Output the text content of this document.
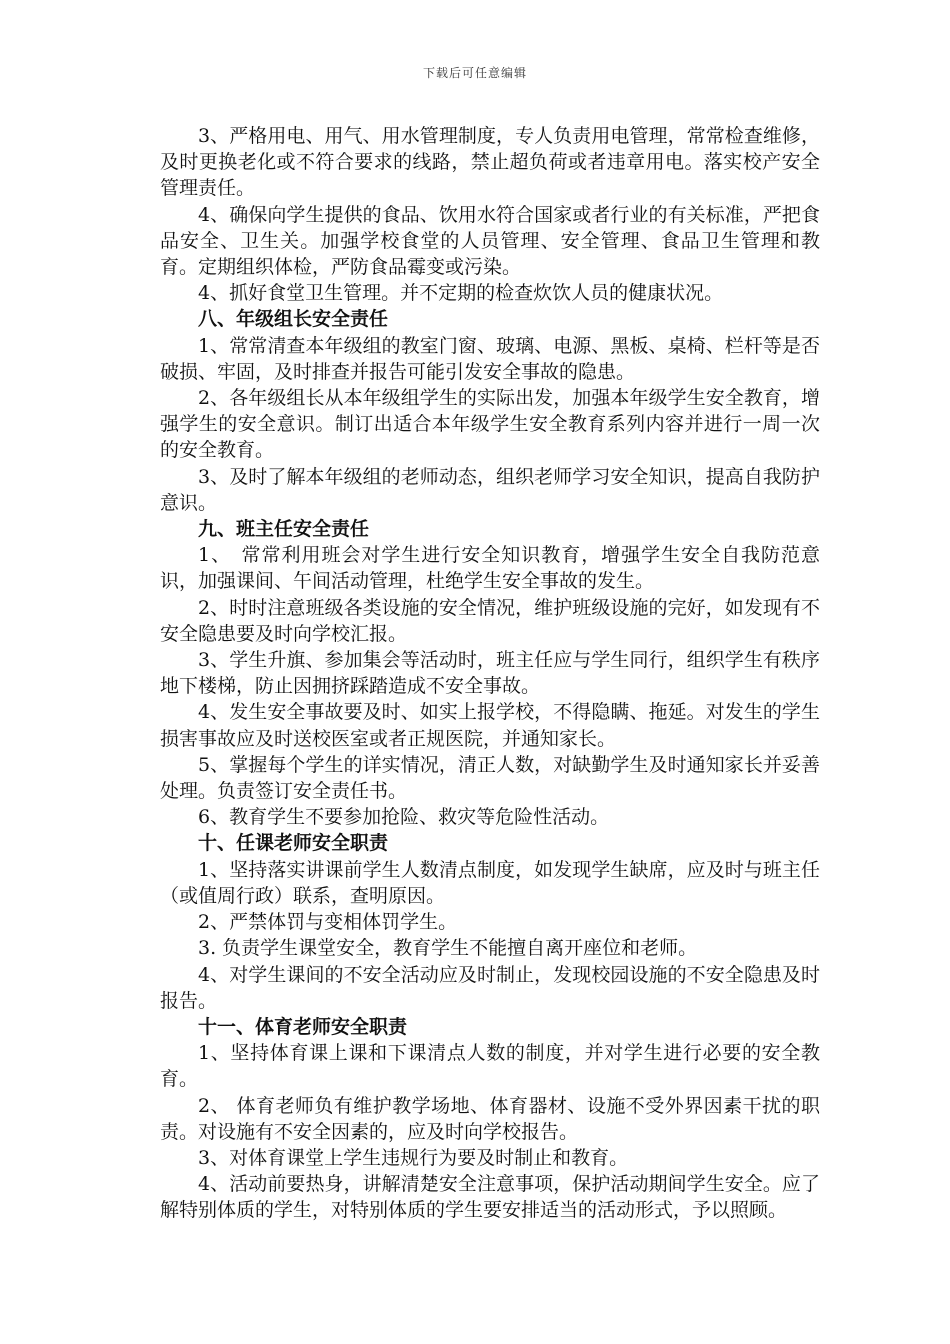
下载后可任意编辑

3、严格用电、用气、用水管理制度，专人负责用电管理，常常检查维修，及时更换老化或不符合要求的线路，禁止超负荷或者违章用电。落实校产安全管理责任。

4、确保向学生提供的食品、饮用水符合国家或者行业的有关标准，严把食品安全、卫生关。加强学校食堂的人员管理、安全管理、食品卫生管理和教育。定期组织体检，严防食品霉变或污染。

4、抓好食堂卫生管理。并不定期的检查炊饮人员的健康状况。

八、年级组长安全责任

1、常常清查本年级组的教室门窗、玻璃、电源、黑板、桌椅、栏杆等是否破损、牢固，及时排查并报告可能引发安全事故的隐患。

2、各年级组长从本年级组学生的实际出发，加强本年级学生安全教育，增强学生的安全意识。制订出适合本年级学生安全教育系列内容并进行一周一次的安全教育。

3、及时了解本年级组的老师动态，组织老师学习安全知识，提高自我防护意识。

九、班主任安全责任

1、　常常利用班会对学生进行安全知识教育，增强学生安全自我防范意识，加强课间、午间活动管理，杜绝学生安全事故的发生。

2、时时注意班级各类设施的安全情况，维护班级设施的完好，如发现有不安全隐患要及时向学校汇报。

3、学生升旗、参加集会等活动时，班主任应与学生同行，组织学生有秩序地下楼梯，防止因拥挤踩踏造成不安全事故。

4、发生安全事故要及时、如实上报学校，不得隐瞒、拖延。对发生的学生损害事故应及时送校医室或者正规医院，并通知家长。

5、掌握每个学生的详实情况，清正人数，对缺勤学生及时通知家长并妥善处理。负责签订安全责任书。

6、教育学生不要参加抢险、救灾等危险性活动。

十、任课老师安全职责

1、坚持落实讲课前学生人数清点制度，如发现学生缺席，应及时与班主任（或值周行政）联系，查明原因。

2、严禁体罚与变相体罚学生。

3. 负责学生课堂安全，教育学生不能擅自离开座位和老师。

4、对学生课间的不安全活动应及时制止，发现校园设施的不安全隐患及时报告。

十一、体育老师安全职责

1、坚持体育课上课和下课清点人数的制度，并对学生进行必要的安全教育。

2、 体育老师负有维护教学场地、体育器材、设施不受外界因素干扰的职责。对设施有不安全因素的，应及时向学校报告。

3、对体育课堂上学生违规行为要及时制止和教育。

4、活动前要热身，讲解清楚安全注意事项，保护活动期间学生安全。应了解特别体质的学生，对特别体质的学生要安排适当的活动形式，予以照顾。
